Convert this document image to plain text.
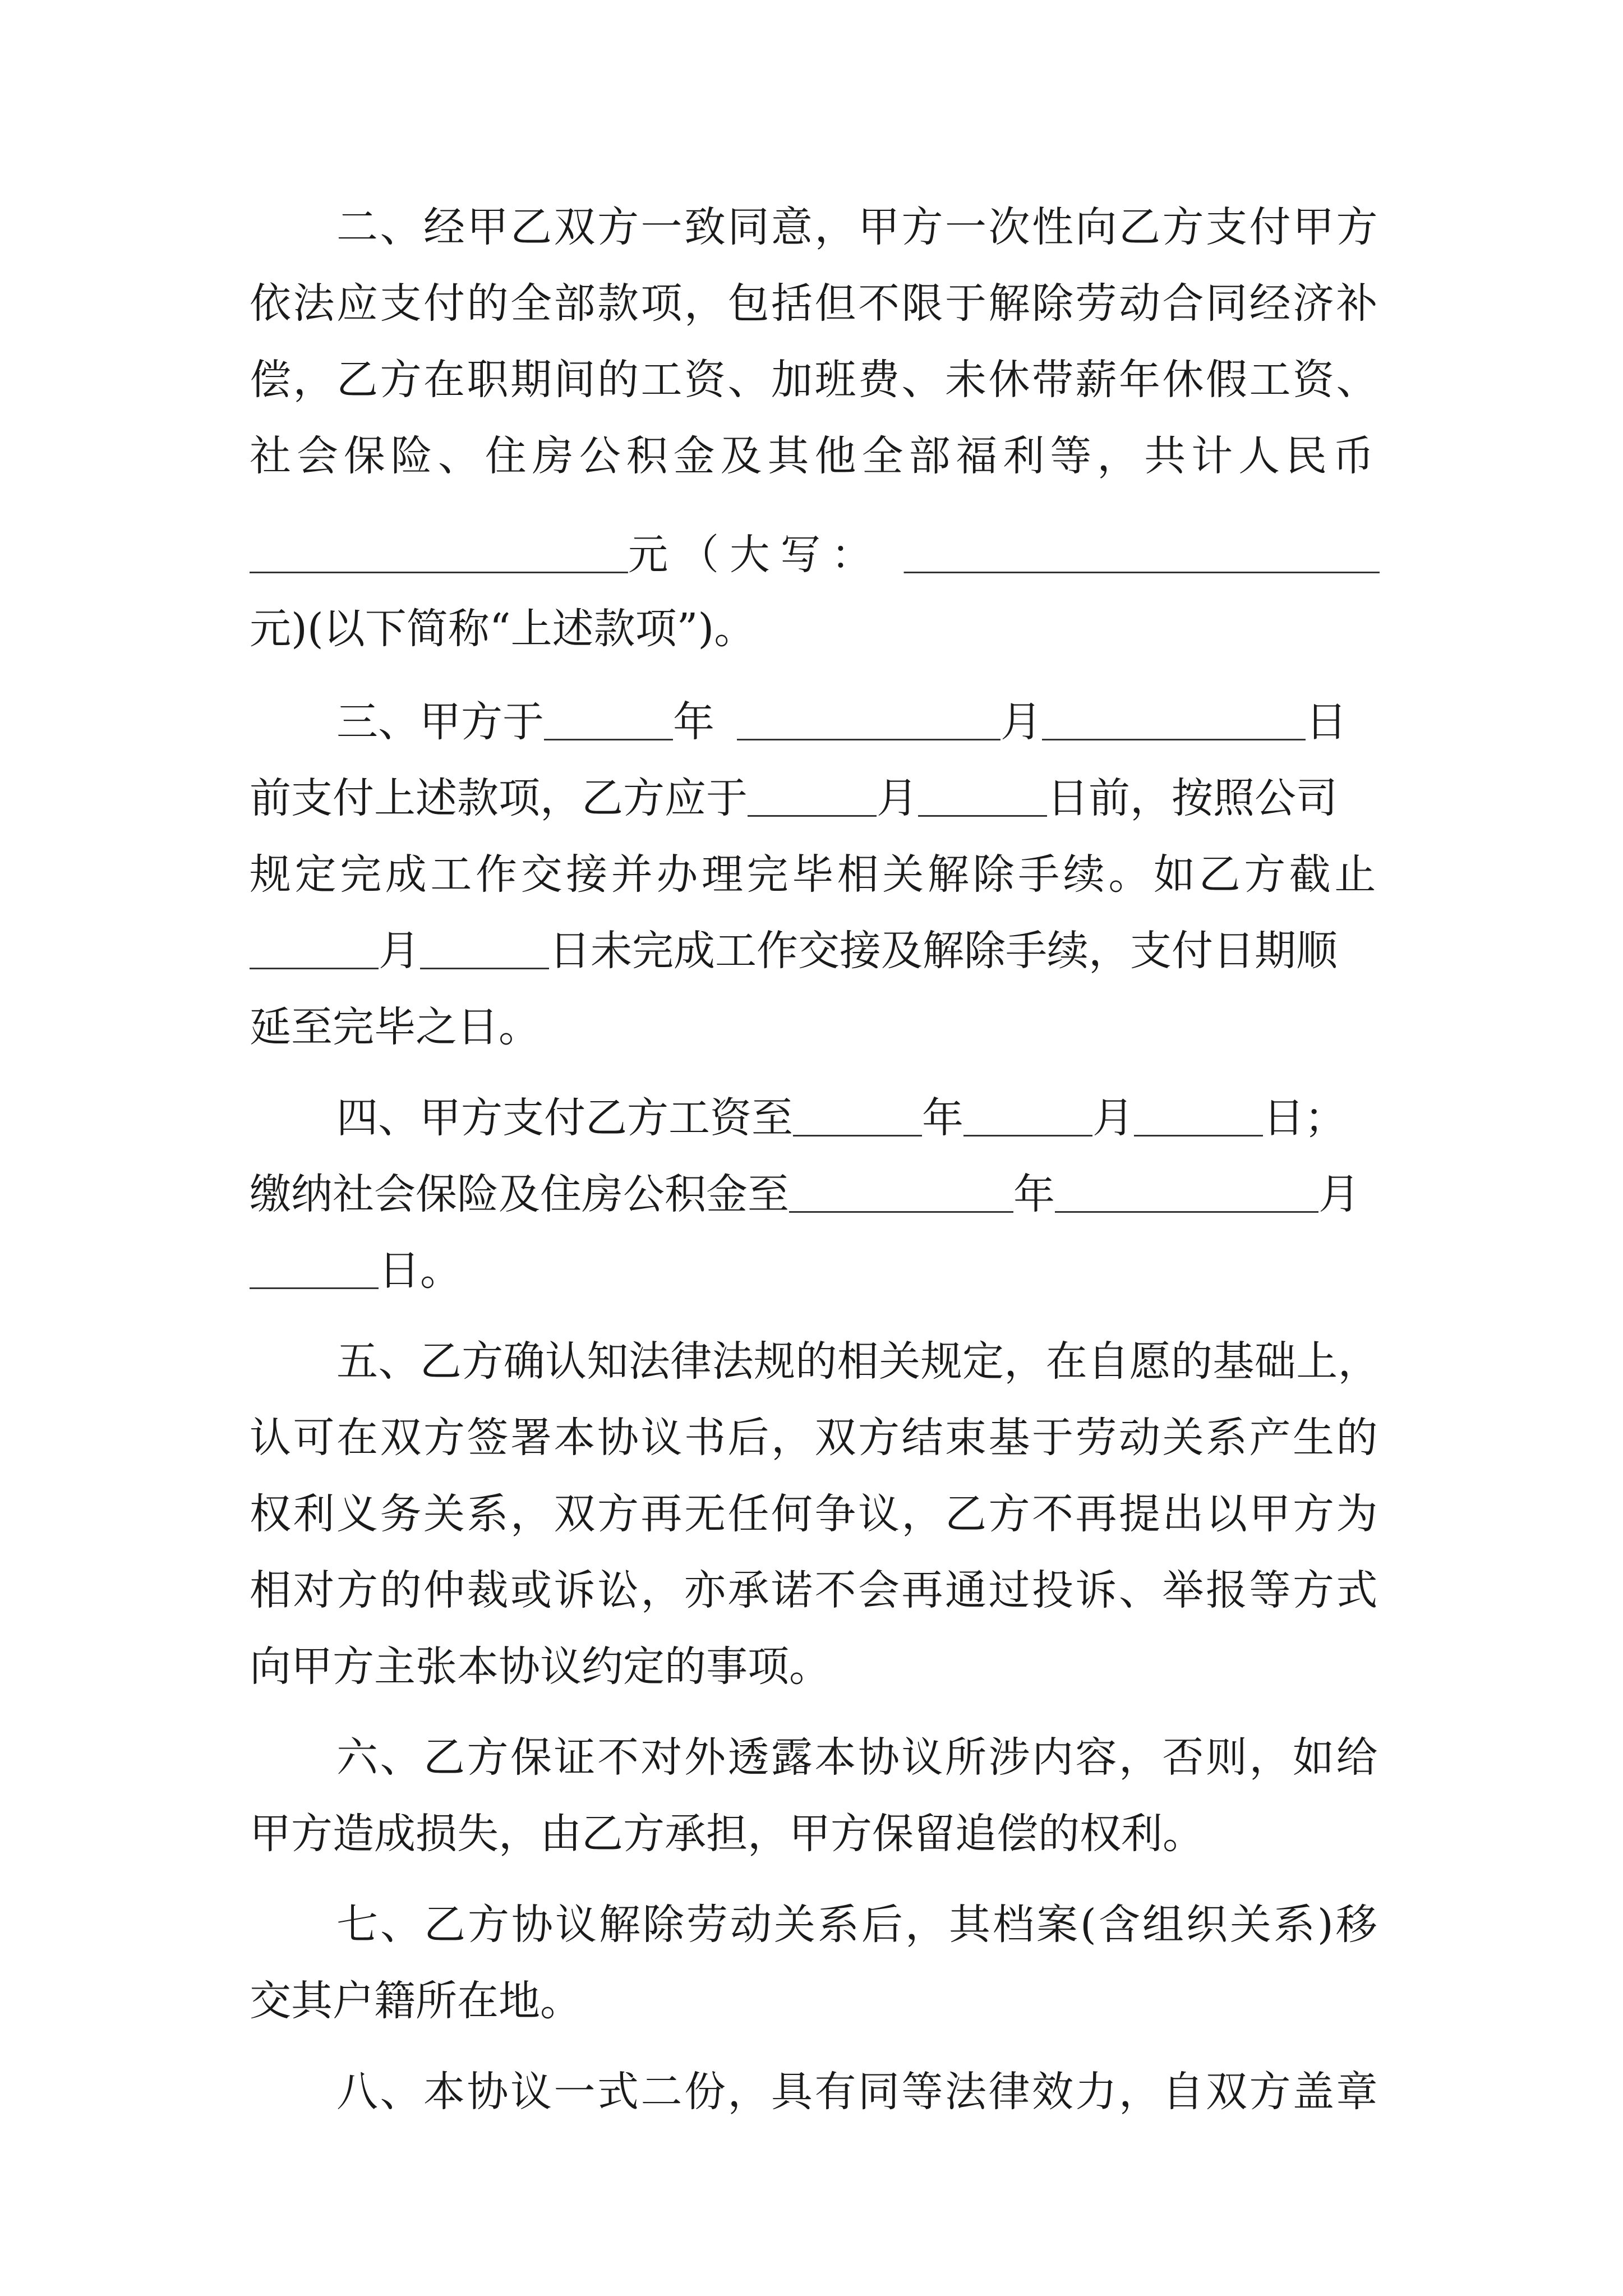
二、经甲乙双方一致同意，甲方一次性向乙方支付甲方
依法应支付的全部款项，包括但不限于解除劳动合同经济补
偿，乙方在职期间的工资、加班费、未休带薪年休假工资、
社会保险、住房公积金及其他全部福利等，共计人民币
元（大写：
元)(以下简称“上述款项”)。
三、甲方于	年	月	日
前支付上述款项，乙方应于	月	日前，按照公司
规定完成工作交接并办理完毕相关解除手续。如乙方截止
月	日未完成工作交接及解除手续，支付日期顺
延至完毕之日。
四、甲方支付乙方工资至	年	月	日；
缴纳社会保险及住房公积金至	年	月
日。
五、乙方确认知法律法规的相关规定，在自愿的基础上，
认可在双方签署本协议书后，双方结束基于劳动关系产生的
权利义务关系，双方再无任何争议，乙方不再提出以甲方为
相对方的仲裁或诉讼，亦承诺不会再通过投诉、举报等方式
向甲方主张本协议约定的事项。
六、乙方保证不对外透露本协议所涉内容，否则，如给
甲方造成损失，由乙方承担，甲方保留追偿的权利。
七、乙方协议解除劳动关系后，其档案(含组织关系)移
交其户籍所在地。
八、本协议一式二份，具有同等法律效力，自双方盖章
